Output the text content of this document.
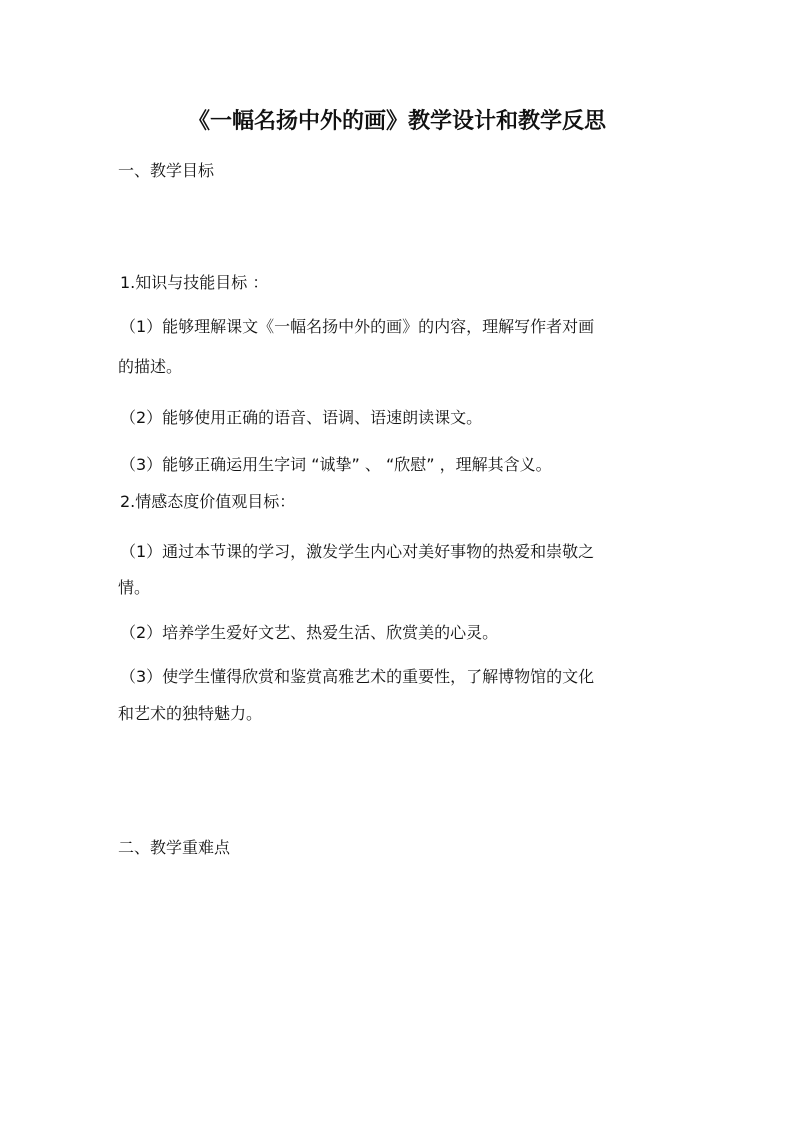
《一幅名扬中外的画》教学设计和教学反思
一、教学目标
1.知识与技能目标 ：
（1）能够理解课文《一幅名扬中外的画》的内容，理解写作者对画
的描述。
（2）能够使用正确的语音、语调、语速朗读课文。
（3）能够正确运用生字词 “诚挚” 、 “欣慰” ，理解其含义。
2.情感态度价值观目标：
（1）通过本节课的学习，激发学生内心对美好事物的热爱和崇敬之
情。
（2）培养学生爱好文艺、热爱生活、欣赏美的心灵。
（3）使学生懂得欣赏和鉴赏高雅艺术的重要性，了解博物馆的文化
和艺术的独特魅力。
二、教学重难点
